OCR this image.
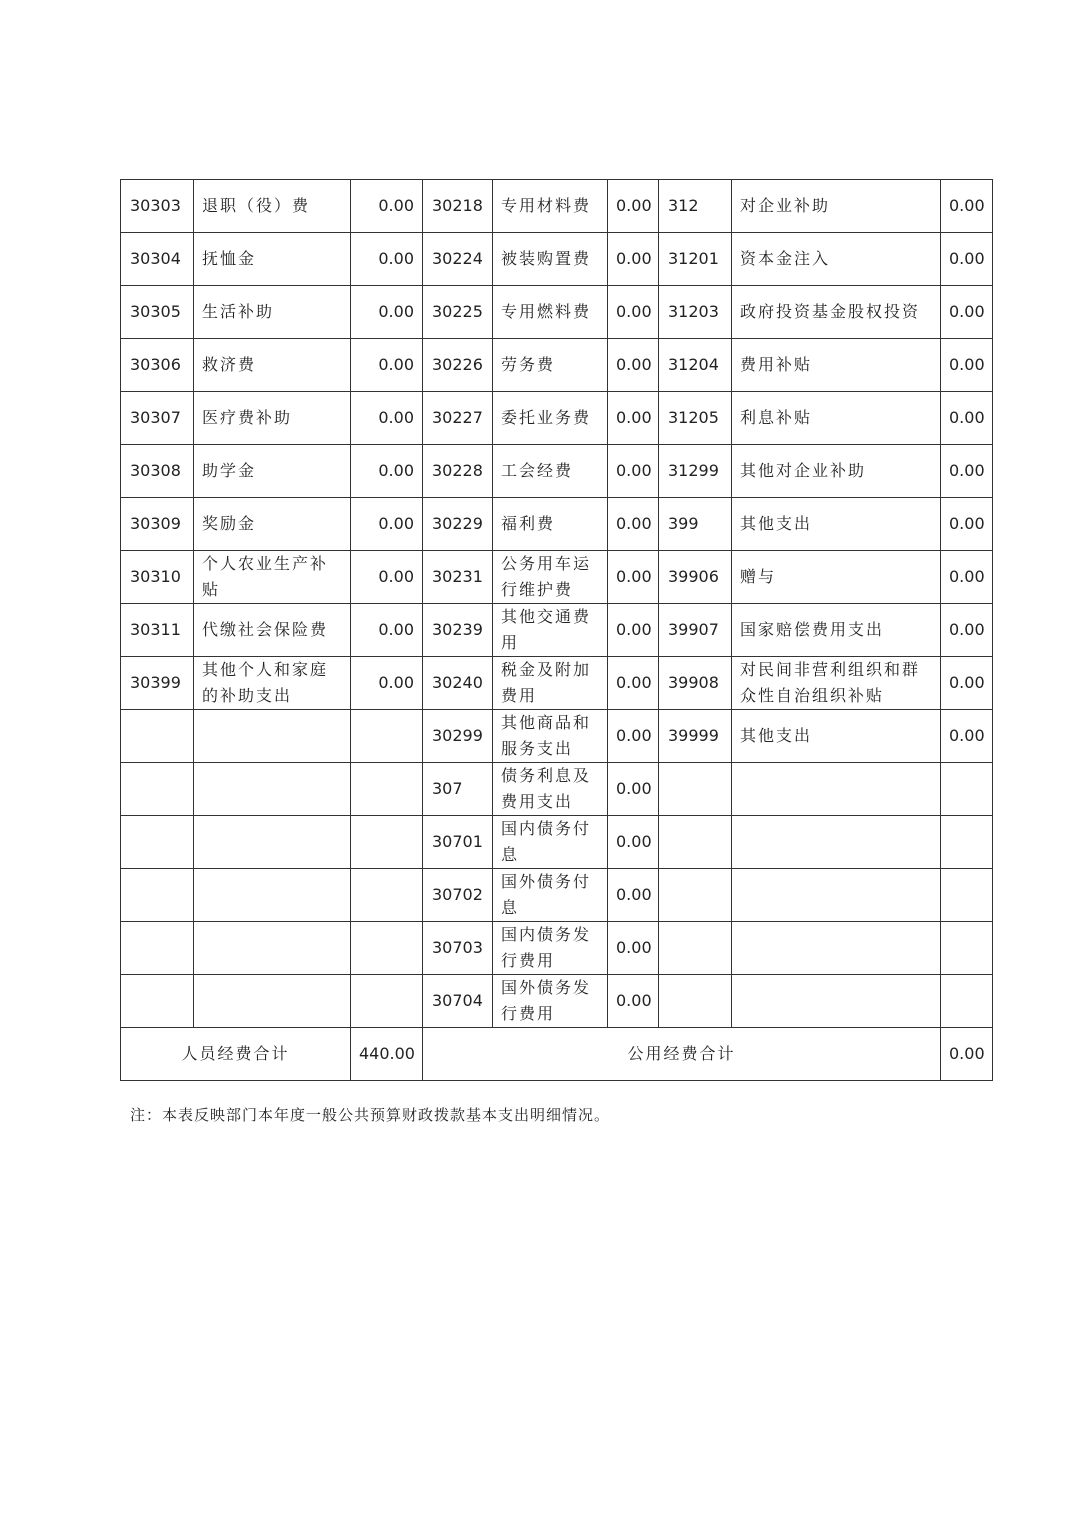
30303	退职（役）费	0.00	30218	专用材料费	0.00	312	对企业补助	0.00
30304	抚恤金	0.00	30224	被装购置费	0.00	31201	资本金注入	0.00
30305	生活补助	0.00	30225	专用燃料费	0.00	31203	政府投资基金股权投资	0.00
30306	救济费	0.00	30226	劳务费	0.00	31204	费用补贴	0.00
30307	医疗费补助	0.00	30227	委托业务费	0.00	31205	利息补贴	0.00
30308	助学金	0.00	30228	工会经费	0.00	31299	其他对企业补助	0.00
30309	奖励金	0.00	30229	福利费	0.00	399	其他支出	0.00
30310	个人农业生产补贴	0.00	30231	公务用车运行维护费	0.00	39906	赠与	0.00
30311	代缴社会保险费	0.00	30239	其他交通费用	0.00	39907	国家赔偿费用支出	0.00
30399	其他个人和家庭的补助支出	0.00	30240	税金及附加费用	0.00	39908	对民间非营利组织和群众性自治组织补贴	0.00
			30299	其他商品和服务支出	0.00	39999	其他支出	0.00
			307	债务利息及费用支出	0.00			
			30701	国内债务付息	0.00			
			30702	国外债务付息	0.00			
			30703	国内债务发行费用	0.00			
			30704	国外债务发行费用	0.00			
人员经费合计		440.00	公用经费合计					0.00
注：本表反映部门本年度一般公共预算财政拨款基本支出明细情况。
